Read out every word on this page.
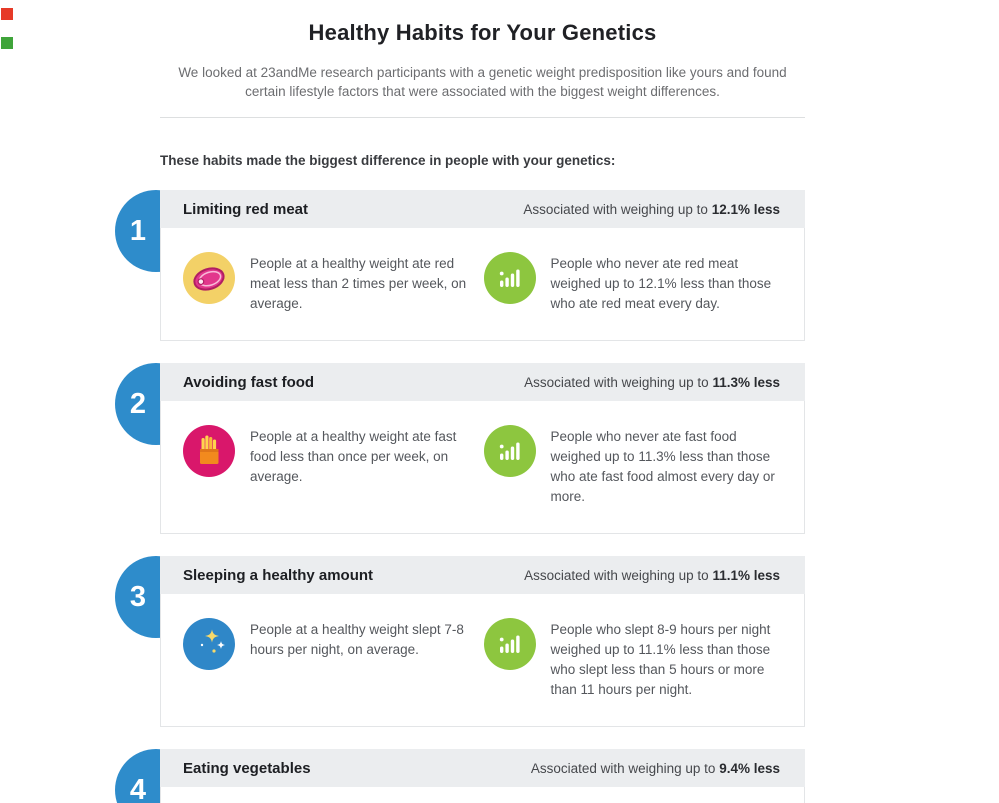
Healthy Habits for Your Genetics

We looked at 23andMe research participants with a genetic weight predisposition like yours and found certain lifestyle factors that were associated with the biggest weight differences.

These habits made the biggest difference in people with your genetics:
1
Limiting red meat	Associated with weighing up to 12.1% less
People at a healthy weight ate red meat less than 2 times per week, on average.
People who never ate red meat weighed up to 12.1% less than those who ate red meat every day.
2
Avoiding fast food	Associated with weighing up to 11.3% less
People at a healthy weight ate fast food less than once per week, on average.
People who never ate fast food weighed up to 11.3% less than those who ate fast food almost every day or more.
3
Sleeping a healthy amount	Associated with weighing up to 11.1% less
People at a healthy weight slept 7-8 hours per night, on average.
People who slept 8-9 hours per night weighed up to 11.1% less than those who slept less than 5 hours or more than 11 hours per night.
4
Eating vegetables	Associated with weighing up to 9.4% less
